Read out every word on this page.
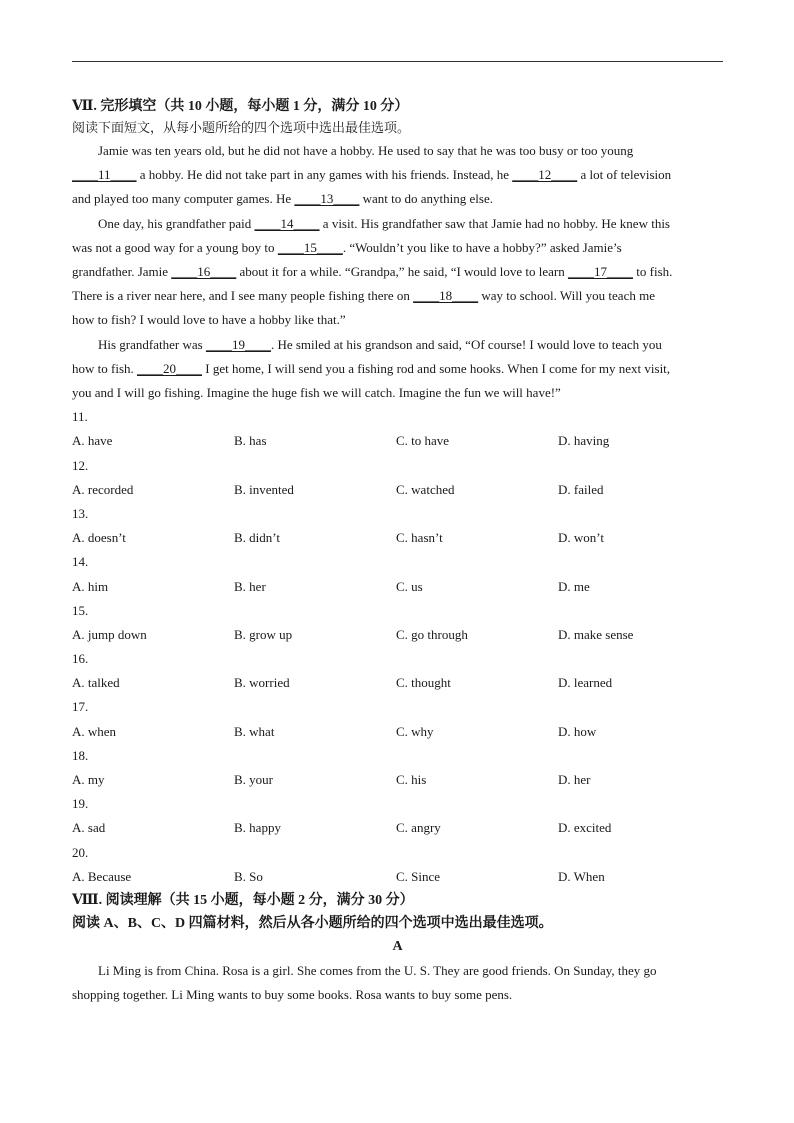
Ⅶ. 完形填空（共 10 小题，每小题 1 分，满分 10 分）
阅读下面短文，从每小题所给的四个选项中选出最佳选项。

Jamie was ten years old, but he did not have a hobby. He used to say that he was too busy or too young
____11____ a hobby. He did not take part in any games with his friends. Instead, he ____12____ a lot of television
and played too many computer games. He ____13____ want to do anything else.

One day, his grandfather paid ____14____ a visit. His grandfather saw that Jamie had no hobby. He knew this
was not a good way for a young boy to ____15____. “Wouldn’t you like to have a hobby?” asked Jamie’s
grandfather. Jamie ____16____ about it for a while. “Grandpa,” he said, “I would love to learn ____17____ to fish.
There is a river near here, and I see many people fishing there on ____18____ way to school. Will you teach me
how to fish? I would love to have a hobby like that.”

His grandfather was ____19____. He smiled at his grandson and said, “Of course! I would love to teach you
how to fish. ____20____ I get home, I will send you a fishing rod and some hooks. When I come for my next visit,
you and I will go fishing. Imagine the huge fish we will catch. Imagine the fun we will have!”

11.
A. have	B. has	C. to have	D. having
12.
A. recorded	B. invented	C. watched	D. failed
13.
A. doesn’t	B. didn’t	C. hasn’t	D. won’t
14.
A. him	B. her	C. us	D. me
15.
A. jump down	B. grow up	C. go through	D. make sense
16.
A. talked	B. worried	C. thought	D. learned
17.
A. when	B. what	C. why	D. how
18.
A. my	B. your	C. his	D. her
19.
A. sad	B. happy	C. angry	D. excited
20.
A. Because	B. So	C. Since	D. When
Ⅷ. 阅读理解（共 15 小题，每小题 2 分，满分 30 分）
阅读 A、B、C、D 四篇材料，然后从各小题所给的四个选项中选出最佳选项。
A

Li Ming is from China. Rosa is a girl. She comes from the U. S. They are good friends. On Sunday, they go
shopping together. Li Ming wants to buy some books. Rosa wants to buy some pens.
